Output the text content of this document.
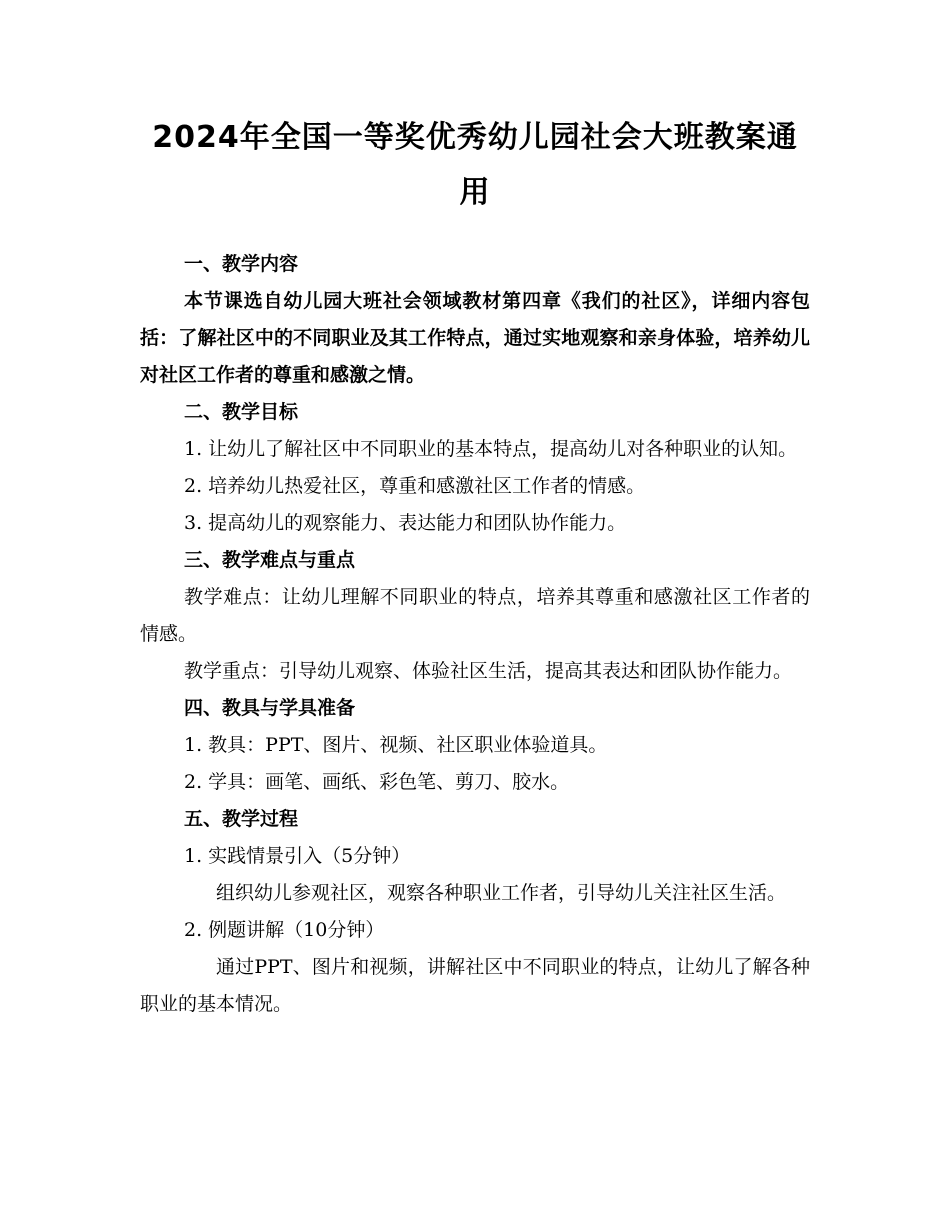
2024年全国一等奖优秀幼儿园社会大班教案通用

一、教学内容

本节课选自幼儿园大班社会领域教材第四章《我们的社区》，详细内容包括：了解社区中的不同职业及其工作特点，通过实地观察和亲身体验，培养幼儿对社区工作者的尊重和感激之情。

二、教学目标

1. 让幼儿了解社区中不同职业的基本特点，提高幼儿对各种职业的认知。

2. 培养幼儿热爱社区，尊重和感激社区工作者的情感。

3. 提高幼儿的观察能力、表达能力和团队协作能力。

三、教学难点与重点

教学难点：让幼儿理解不同职业的特点，培养其尊重和感激社区工作者的情感。

教学重点：引导幼儿观察、体验社区生活，提高其表达和团队协作能力。

四、教具与学具准备

1. 教具：PPT、图片、视频、社区职业体验道具。

2. 学具：画笔、画纸、彩色笔、剪刀、胶水。

五、教学过程

1. 实践情景引入（5分钟）

组织幼儿参观社区，观察各种职业工作者，引导幼儿关注社区生活。

2. 例题讲解（10分钟）

通过PPT、图片和视频，讲解社区中不同职业的特点，让幼儿了解各种职业的基本情况。
